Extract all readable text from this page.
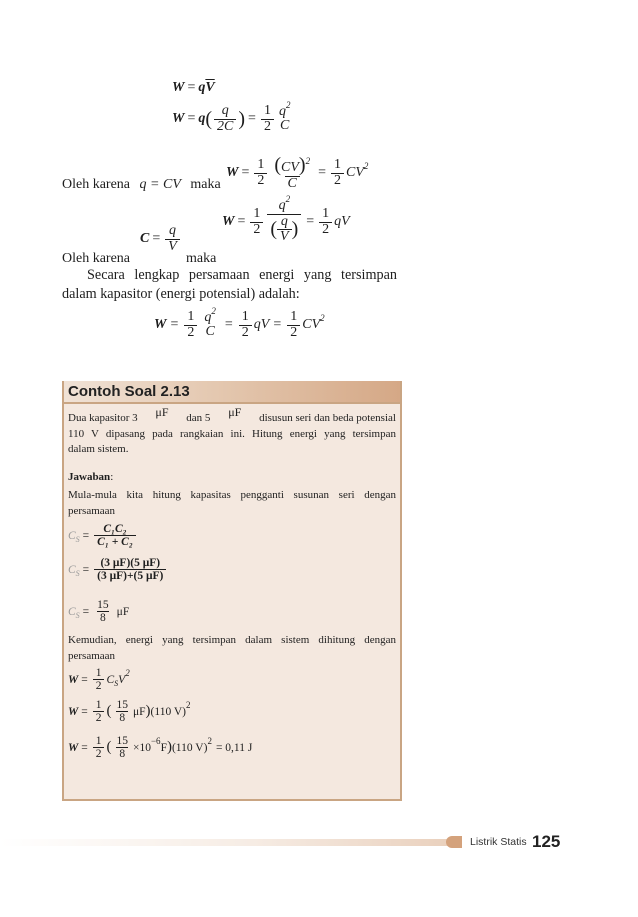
W = q $\overline{V}$
W = q ( $\frac{q}{2C}$ ) = $\frac{1}{2} q^2$
C
Oleh karena q = CV maka
$W = \frac{1}{2} \frac{(CV)^2}{C} = \frac{1}{2} CV^2$
$W = \frac{1}{2} \frac{q^2}{( \frac{q}{V} )} = \frac{1}{2}$ qV
$C = \frac{q}{V}$
Oleh karena	maka
Secara lengkap persamaan energi yang tersimpan
dalam kapasitor (energi potensial) adalah:
$W = \frac{1}{2} q^2$
$C = \frac{1}{2}$ qV = $\frac{1}{2} CV^2$
Contoh Soal 2.13
Dua kapasitor 3 μF dan 5 μF disusun seri dan beda potensial
110 V dipasang pada rangkaian ini. Hitung energi yang tersimpan
dalam sistem.
Jawaban:
Mula-mula kita hitung kapasitas pengganti susunan seri dengan
persamaan
$C_S = \frac{\text{C₁C₂}}{\text{C₁ + C₂}}$
$C_S = \frac{(3 \mu F)(5 \mu F)}{(3 \mu F)+(5 \mu F)}$
$C_S = \frac{15}{8}$ μF
Kemudian, energi yang tersimpan dalam sistem dihitung dengan
persamaan
$W = \frac{1}{2} C_SV^2$
$W = \frac{1}{2}$ ( $\frac{15}{8}$ μF ) (110 V)$^2$
$W = \frac{1}{2}$ ( $\frac{15}{8} \times 10^{-6}$
F ) (110 V)$^2$
= 0,11 J
Listrik Statis 125
